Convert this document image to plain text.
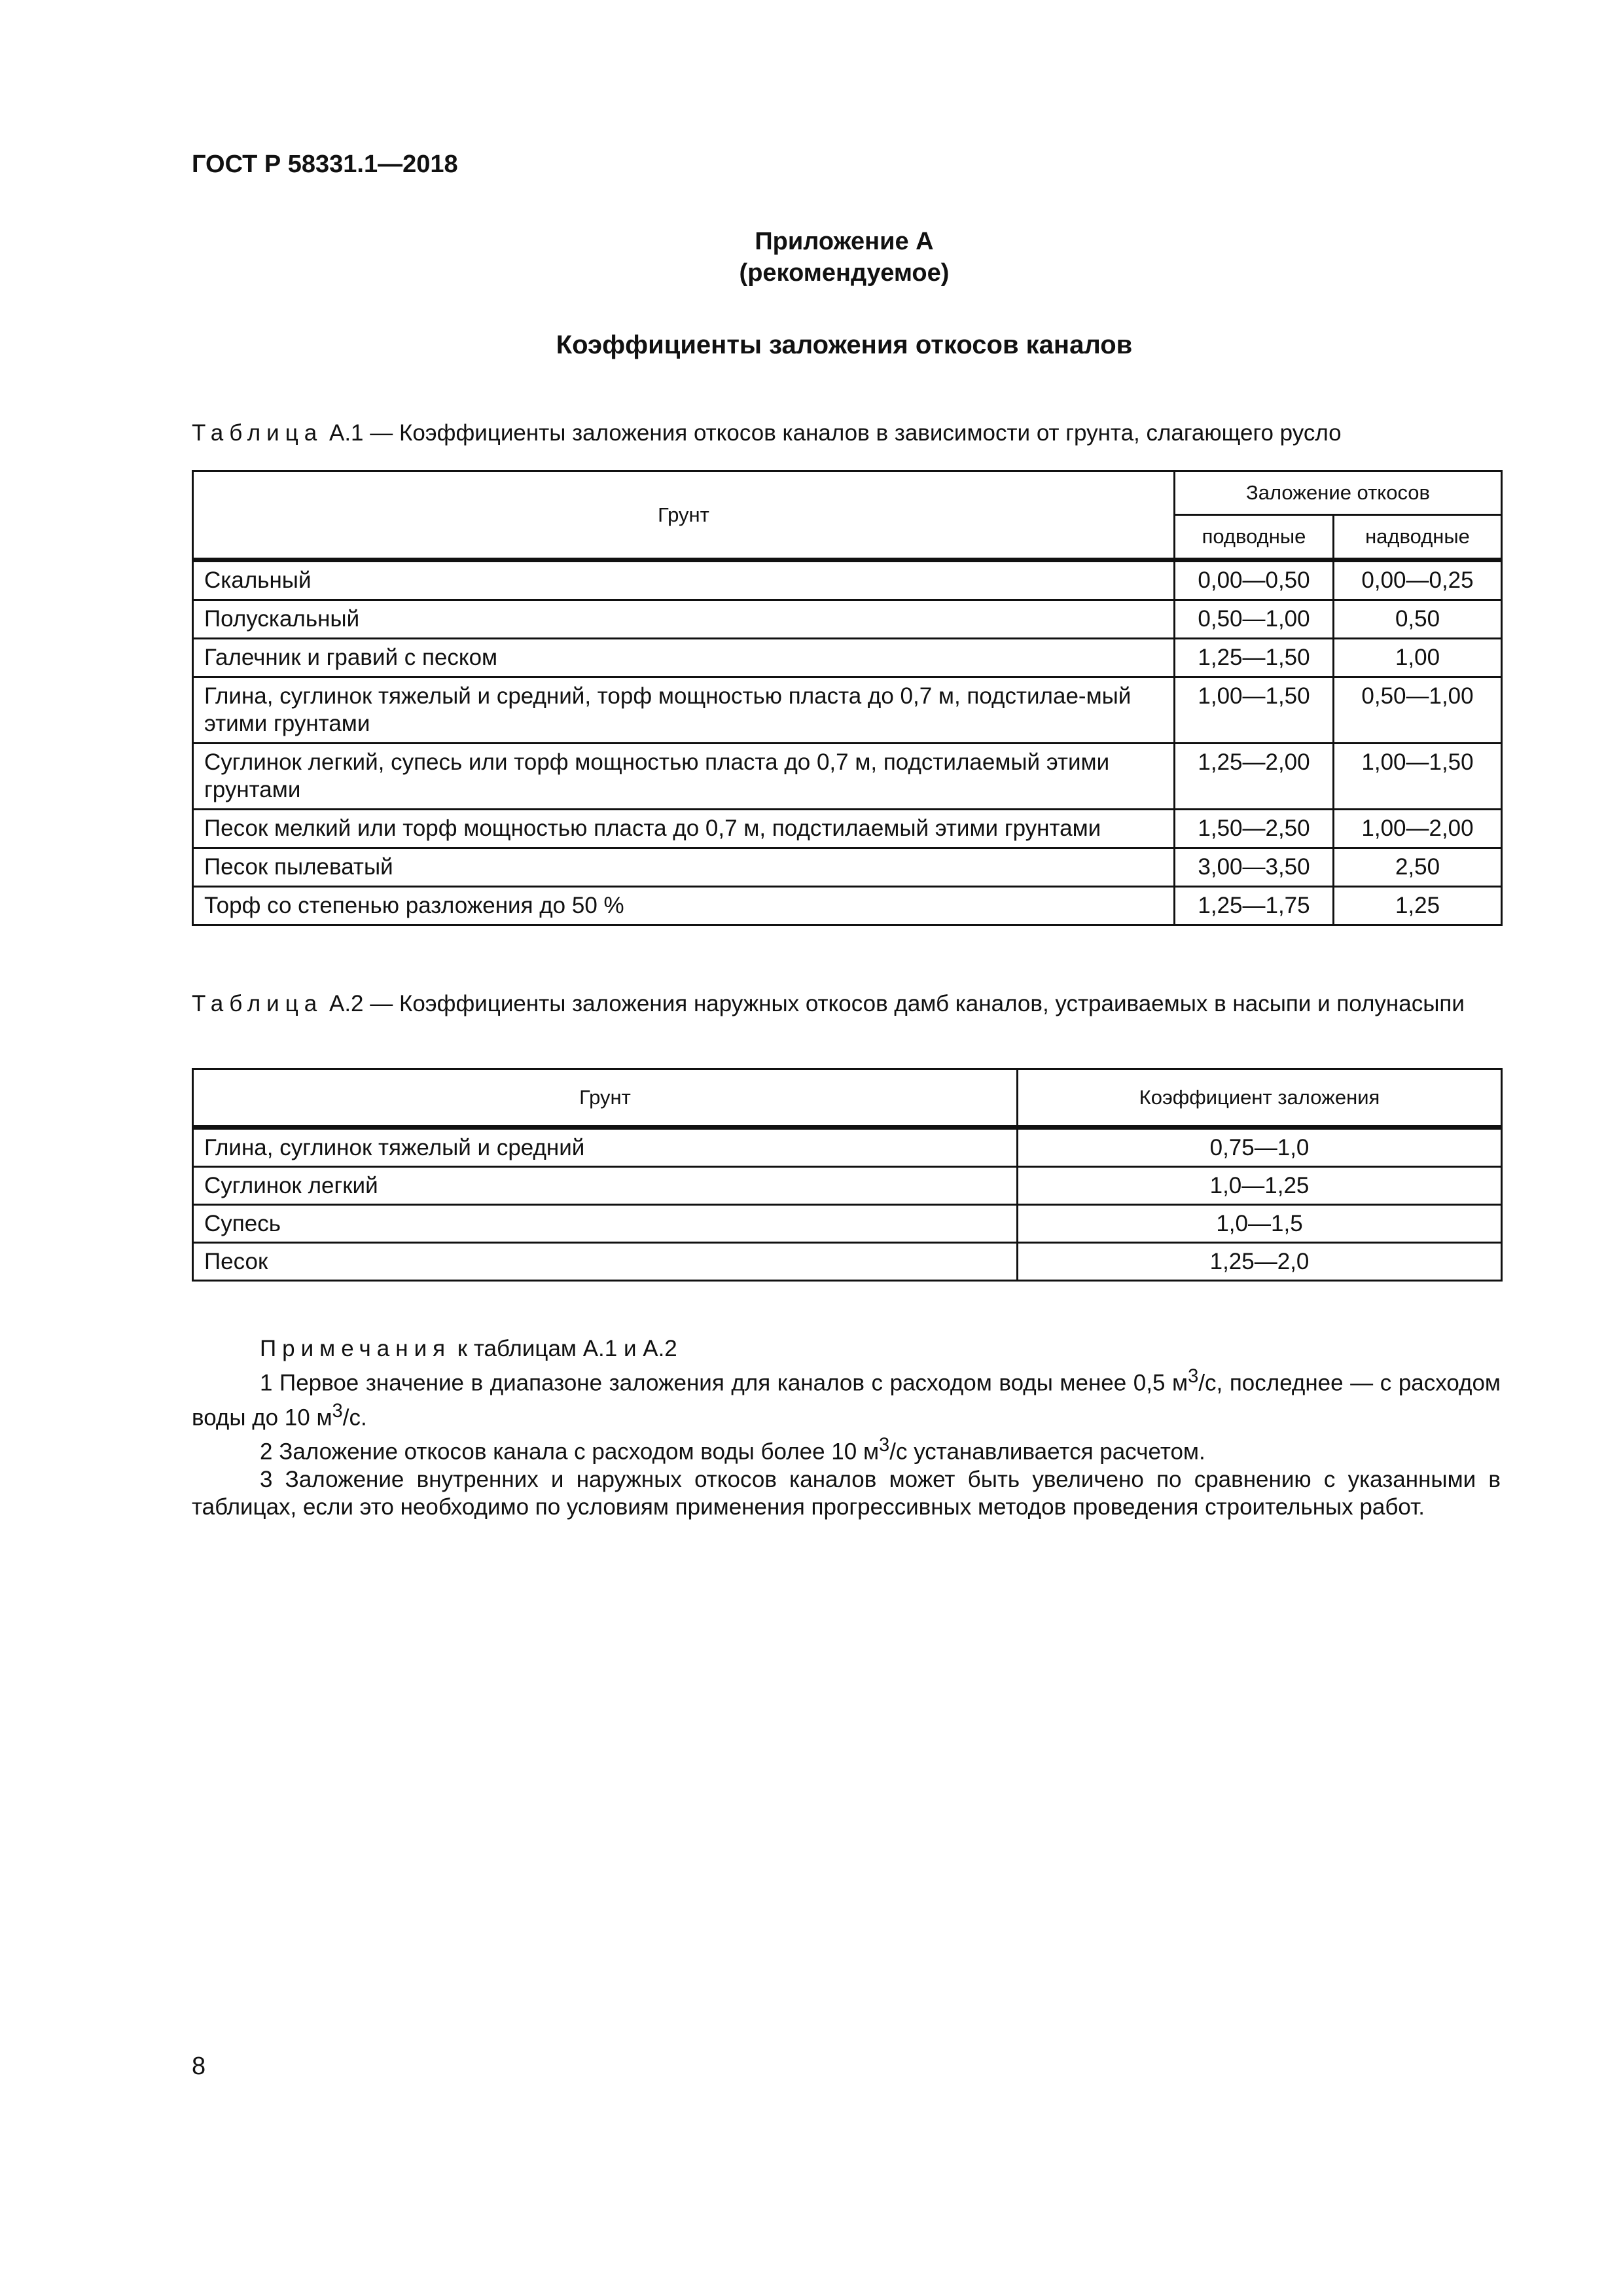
ГОСТ Р 58331.1—2018
Приложение А
(рекомендуемое)
Коэффициенты заложения откосов каналов
Таблица А.1 — Коэффициенты заложения откосов каналов в зависимости от грунта, слагающего русло
Грунт	Заложение откосов	
	подводные	надводные
Скальный	0,00—0,50	0,00—0,25
Полускальный	0,50—1,00	0,50
Галечник и гравий с песком	1,25—1,50	1,00
Глина, суглинок тяжелый и средний, торф мощностью пласта до 0,7 м, подстилае-мый этими грунтами	1,00—1,50	0,50—1,00
Суглинок легкий, супесь или торф мощностью пласта до 0,7 м, подстилаемый этими грунтами	1,25—2,00	1,00—1,50
Песок мелкий или торф мощностью пласта до 0,7 м, подстилаемый этими грунтами	1,50—2,50	1,00—2,00
Песок пылеватый	3,00—3,50	2,50
Торф со степенью разложения до 50 %	1,25—1,75	1,25
Таблица А.2 — Коэффициенты заложения наружных откосов дамб каналов, устраиваемых в насыпи и полунасыпи
Грунт	Коэффициент заложения
Глина, суглинок тяжелый и средний	0,75—1,0
Суглинок легкий	1,0—1,25
Супесь	1,0—1,5
Песок	1,25—2,0

Примечания к таблицам А.1 и А.2

1 Первое значение в диапазоне заложения для каналов с расходом воды менее 0,5 $м^3/с$, последнее — с расходом воды до 10 $м^3/с$.

2 Заложение откосов канала с расходом воды более 10 $м^3/с$ устанавливается расчетом.

3 Заложение внутренних и наружных откосов каналов может быть увеличено по сравнению с указанными в таблицах, если это необходимо по условиям применения прогрессивных методов проведения строительных работ.

8
